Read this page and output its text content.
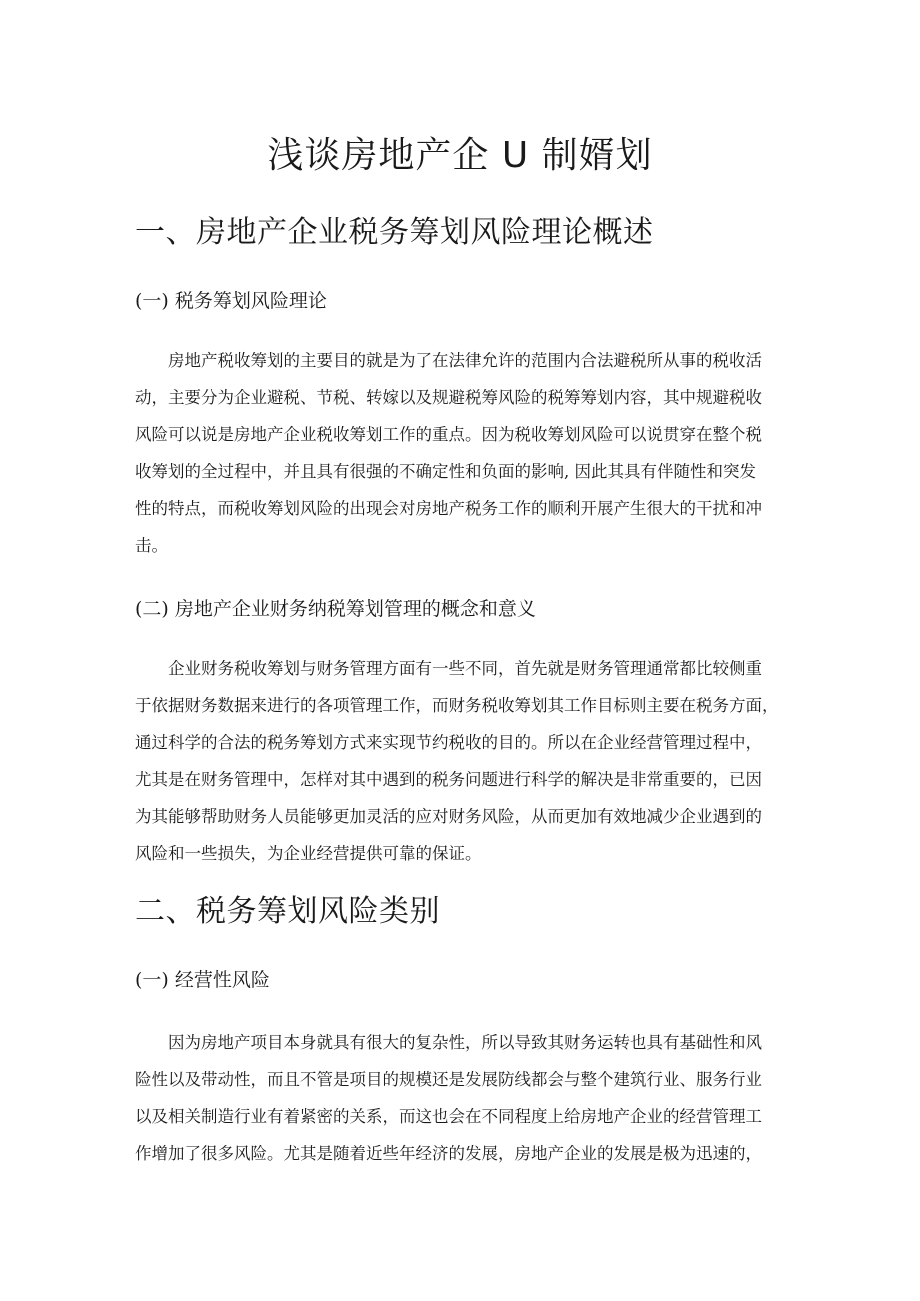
浅谈房地产企 U 制婿划
一、房地产企业税务筹划风险理论概述
(一) 税务筹划风险理论
房地产税收筹划的主要目的就是为了在法律允许的范围内合法避税所从事的税收活
动，主要分为企业避税、节税、转嫁以及规避税筹风险的税筹筹划内容，其中规避税收
风险可以说是房地产企业税收筹划工作的重点。因为税收筹划风险可以说贯穿在整个税
收筹划的全过程中，并且具有很强的不确定性和负面的影响, 因此其具有伴随性和突发
性的特点，而税收筹划风险的出现会对房地产税务工作的顺利开展产生很大的干扰和冲
击。
(二) 房地产企业财务纳税筹划管理的概念和意义
企业财务税收筹划与财务管理方面有一些不同，首先就是财务管理通常都比较侧重
于依据财务数据来进行的各项管理工作，而财务税收筹划其工作目标则主要在税务方面，
通过科学的合法的税务筹划方式来实现节约税收的目的。所以在企业经营管理过程中，
尤其是在财务管理中，怎样对其中遇到的税务问题进行科学的解决是非常重要的，已因
为其能够帮助财务人员能够更加灵活的应对财务风险，从而更加有效地减少企业遇到的
风险和一些损失，为企业经营提供可靠的保证。
二、税务筹划风险类别
(一) 经营性风险
因为房地产项目本身就具有很大的复杂性，所以导致其财务运转也具有基础性和风
险性以及带动性，而且不管是项目的规模还是发展防线都会与整个建筑行业、服务行业
以及相关制造行业有着紧密的关系，而这也会在不同程度上给房地产企业的经营管理工
作增加了很多风险。尤其是随着近些年经济的发展，房地产企业的发展是极为迅速的，
